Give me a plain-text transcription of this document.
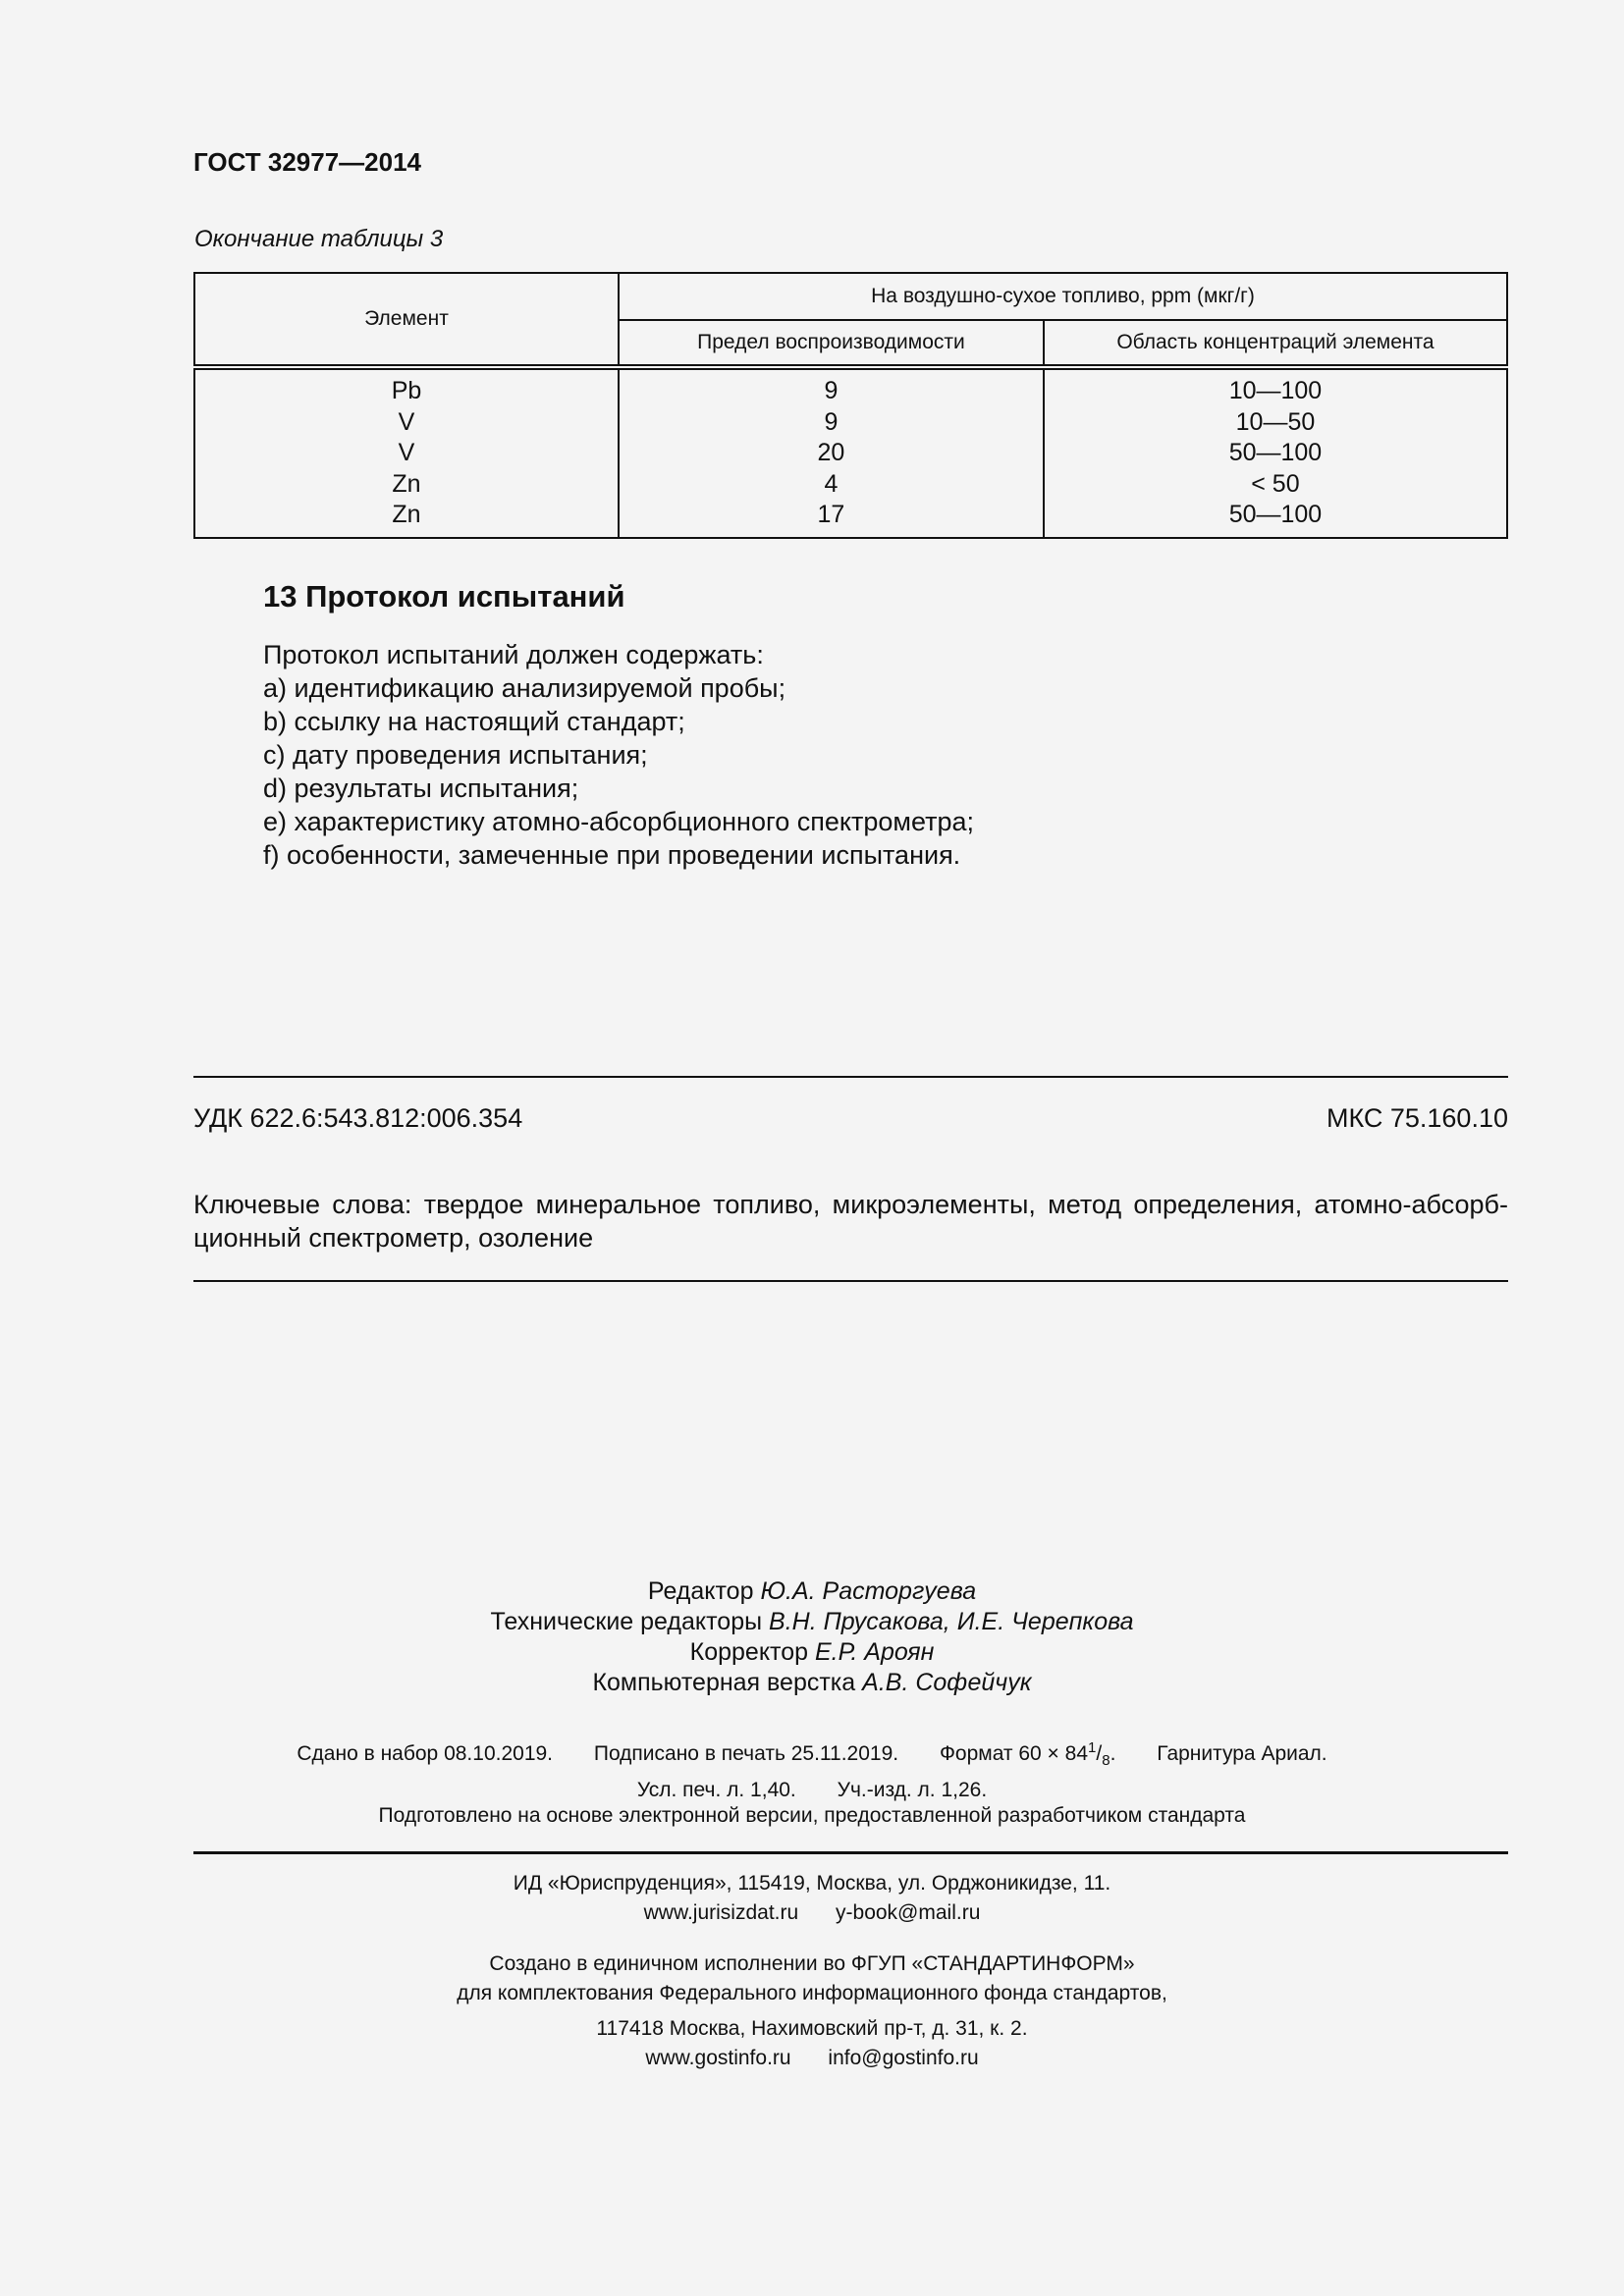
ГОСТ 32977—2014
Окончание таблицы 3
Элемент	На воздушно-сухое топливо, ppm (мкг/г)	
	Предел воспроизводимости	Область концентраций элемента
Pb	9	10—100
V	9	10—50
V	20	50—100
Zn	4	< 50
Zn	17	50—100
13 Протокол испытаний
Протокол испытаний должен содержать:
a) идентификацию анализируемой пробы;
b) ссылку на настоящий стандарт;
c) дату проведения испытания;
d) результаты испытания;
e) характеристику атомно-абсорбционного спектрометра;
f) особенности, замеченные при проведении испытания.
УДК 622.6:543.812:006.354	МКС 75.160.10
Ключевые слова: твердое минеральное топливо, микроэлементы, метод определения, атомно-абсорб-ционный спектрометр, озоление
Редактор Ю.А. Расторгуева
Технические редакторы В.Н. Прусакова, И.Е. Черепкова
Корректор Е.Р. Ароян
Компьютерная верстка А.В. Софейчук
Сдано в набор 08.10.2019. Подписано в печать 25.11.2019. Формат $60 \times 84^1/_8$. Гарнитура Ариал.
Усл. печ. л. 1,40. Уч.-изд. л. 1,26.
Подготовлено на основе электронной версии, предоставленной разработчиком стандарта
ИД «Юриспруденция», 115419, Москва, ул. Орджоникидзе, 11.
www.jurisizdat.ru y-book@mail.ru
Создано в единичном исполнении во ФГУП «СТАНДАРТИНФОРМ»
для комплектования Федерального информационного фонда стандартов,
117418 Москва, Нахимовский пр-т, д. 31, к. 2.
www.gostinfo.ru info@gostinfo.ru
